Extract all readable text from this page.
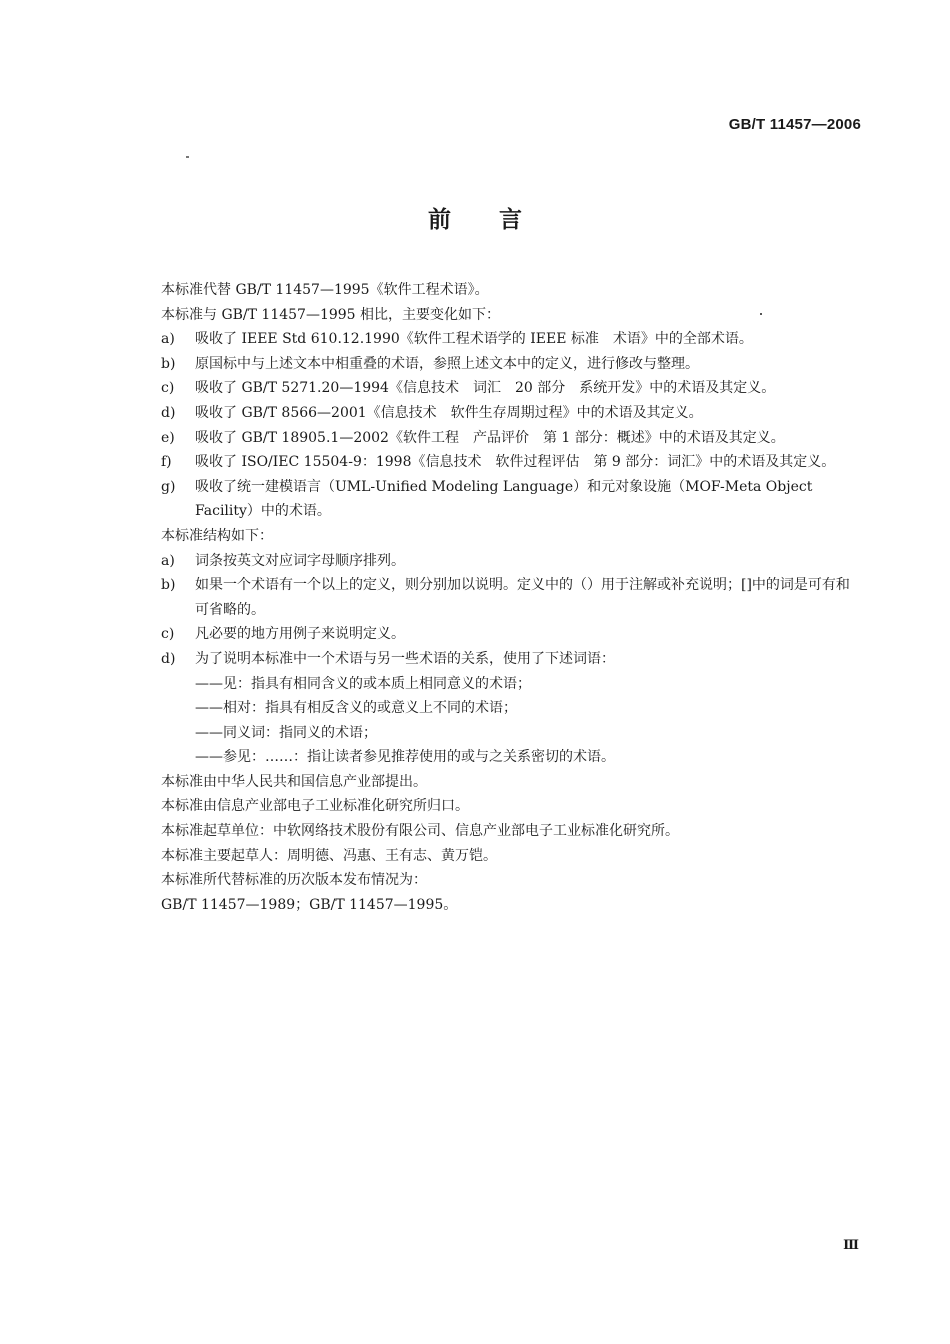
GB/T 11457—2006
前言

本标准代替 GB/T 11457—1995《软件工程术语》。

本标准与 GB/T 11457—1995 相比，主要变化如下：

a)	吸收了 IEEE Std 610.12.1990《软件工程术语学的 IEEE 标准　术语》中的全部术语。
b)	原国标中与上述文本中相重叠的术语，参照上述文本中的定义，进行修改与整理。
c)	吸收了 GB/T 5271.20—1994《信息技术　词汇　20 部分　系统开发》中的术语及其定义。
d)	吸收了 GB/T 8566—2001《信息技术　软件生存周期过程》中的术语及其定义。
e)	吸收了 GB/T 18905.1—2002《软件工程　产品评价　第 1 部分：概述》中的术语及其定义。
f)	吸收了 ISO/IEC 15504-9：1998《信息技术　软件过程评估　第 9 部分：词汇》中的术语及其定义。
g)	吸收了统一建模语言（UML-Unified Modeling Language）和元对象设施（MOF-Meta Object Facility）中的术语。

本标准结构如下：

a)	词条按英文对应词字母顺序排列。
b)	如果一个术语有一个以上的定义，则分别加以说明。定义中的（）用于注解或补充说明；[]中的词是可有和可省略的。
c)	凡必要的地方用例子来说明定义。
d)	为了说明本标准中一个术语与另一些术语的关系，使用了下述词语：

——见：指具有相同含义的或本质上相同意义的术语；

——相对：指具有相反含义的或意义上不同的术语；

——同义词：指同义的术语；

——参见：……：指让读者参见推荐使用的或与之关系密切的术语。

本标准由中华人民共和国信息产业部提出。

本标准由信息产业部电子工业标准化研究所归口。

本标准起草单位：中软网络技术股份有限公司、信息产业部电子工业标准化研究所。

本标准主要起草人：周明德、冯惠、王有志、黄万铠。

本标准所代替标准的历次版本发布情况为：

GB/T 11457—1989；GB/T 11457—1995。

Ⅲ
